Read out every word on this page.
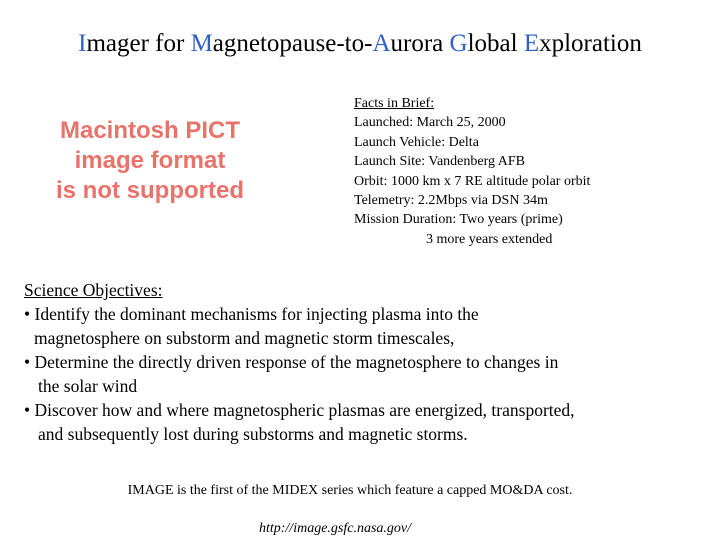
Imager for Magnetopause-to-Aurora Global Exploration
Macintosh PICT
image format
is not supported
Facts in Brief:
Launched: March 25, 2000
Launch Vehicle: Delta
Launch Site: Vandenberg AFB
Orbit: 1000 km x 7 RE altitude polar orbit
Telemetry: 2.2Mbps via DSN 34m
Mission Duration: Two years (prime)
3 more years extended
Science Objectives:
• Identify the dominant mechanisms for injecting plasma into the
magnetosphere on substorm and magnetic storm timescales,
• Determine the directly driven response of the magnetosphere to changes in
the solar wind
• Discover how and where magnetospheric plasmas are energized, transported,
and subsequently lost during substorms and magnetic storms.
IMAGE is the first of the MIDEX series which feature a capped MO&DA cost.
http://image.gsfc.nasa.gov/
